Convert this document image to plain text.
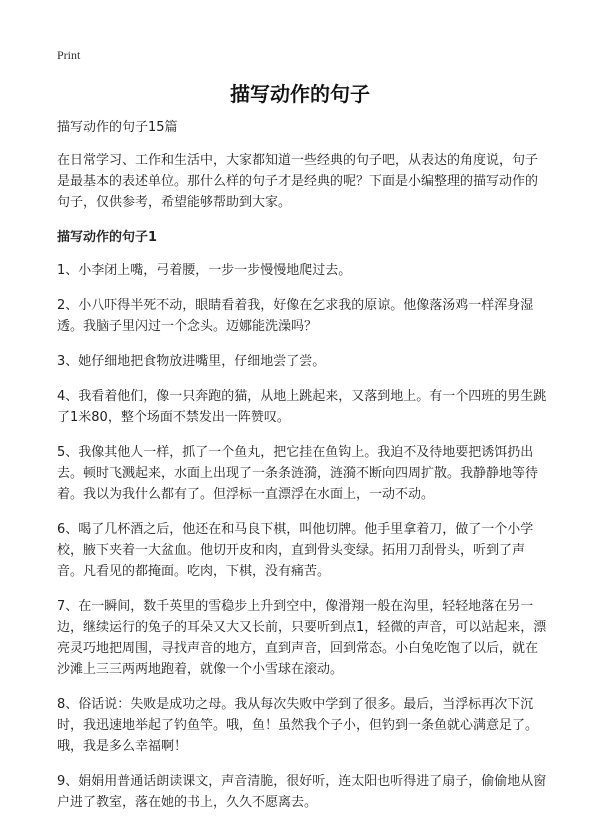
Print
描写动作的句子

描写动作的句子15篇

在日常学习、工作和生活中，大家都知道一些经典的句子吧，从表达的角度说，句子是最基本的表述单位。那什么样的句子才是经典的呢？下面是小编整理的描写动作的句子，仅供参考，希望能够帮助到大家。

描写动作的句子1

1、小李闭上嘴，弓着腰，一步一步慢慢地爬过去。

2、小八吓得半死不动，眼睛看着我，好像在乞求我的原谅。他像落汤鸡一样浑身湿透。我脑子里闪过一个念头。迈娜能洗澡吗？

3、她仔细地把食物放进嘴里，仔细地尝了尝。

4、我看着他们，像一只奔跑的猫，从地上跳起来，又落到地上。有一个四班的男生跳了1米80，整个场面不禁发出一阵赞叹。

5、我像其他人一样，抓了一个鱼丸，把它挂在鱼钩上。我迫不及待地要把诱饵扔出去。顿时飞溅起来，水面上出现了一条条涟漪，涟漪不断向四周扩散。我静静地等待着。我以为我什么都有了。但浮标一直漂浮在水面上，一动不动。

6、喝了几杯酒之后，他还在和马良下棋，叫他切牌。他手里拿着刀，做了一个小学校，腋下夹着一大盆血。他切开皮和肉，直到骨头变绿。拓用刀刮骨头，听到了声音。凡看见的都掩面。吃肉，下棋，没有痛苦。

7、在一瞬间，数千英里的雪稳步上升到空中，像滑翔一般在沟里，轻轻地落在另一边，继续运行的兔子的耳朵又大又长前，只要听到点1，轻微的声音，可以站起来，漂亮灵巧地把周围，寻找声音的地方，直到声音，回到常态。小白兔吃饱了以后，就在沙滩上三三两两地跑着，就像一个小雪球在滚动。

8、俗话说：失败是成功之母。我从每次失败中学到了很多。最后，当浮标再次下沉时，我迅速地举起了钓鱼竿。哦，鱼！虽然我个子小，但钓到一条鱼就心满意足了。哦，我是多么幸福啊！

9、娟娟用普通话朗读课文，声音清脆，很好听，连太阳也听得进了扇子，偷偷地从窗户进了教室，落在她的书上，久久不愿离去。
